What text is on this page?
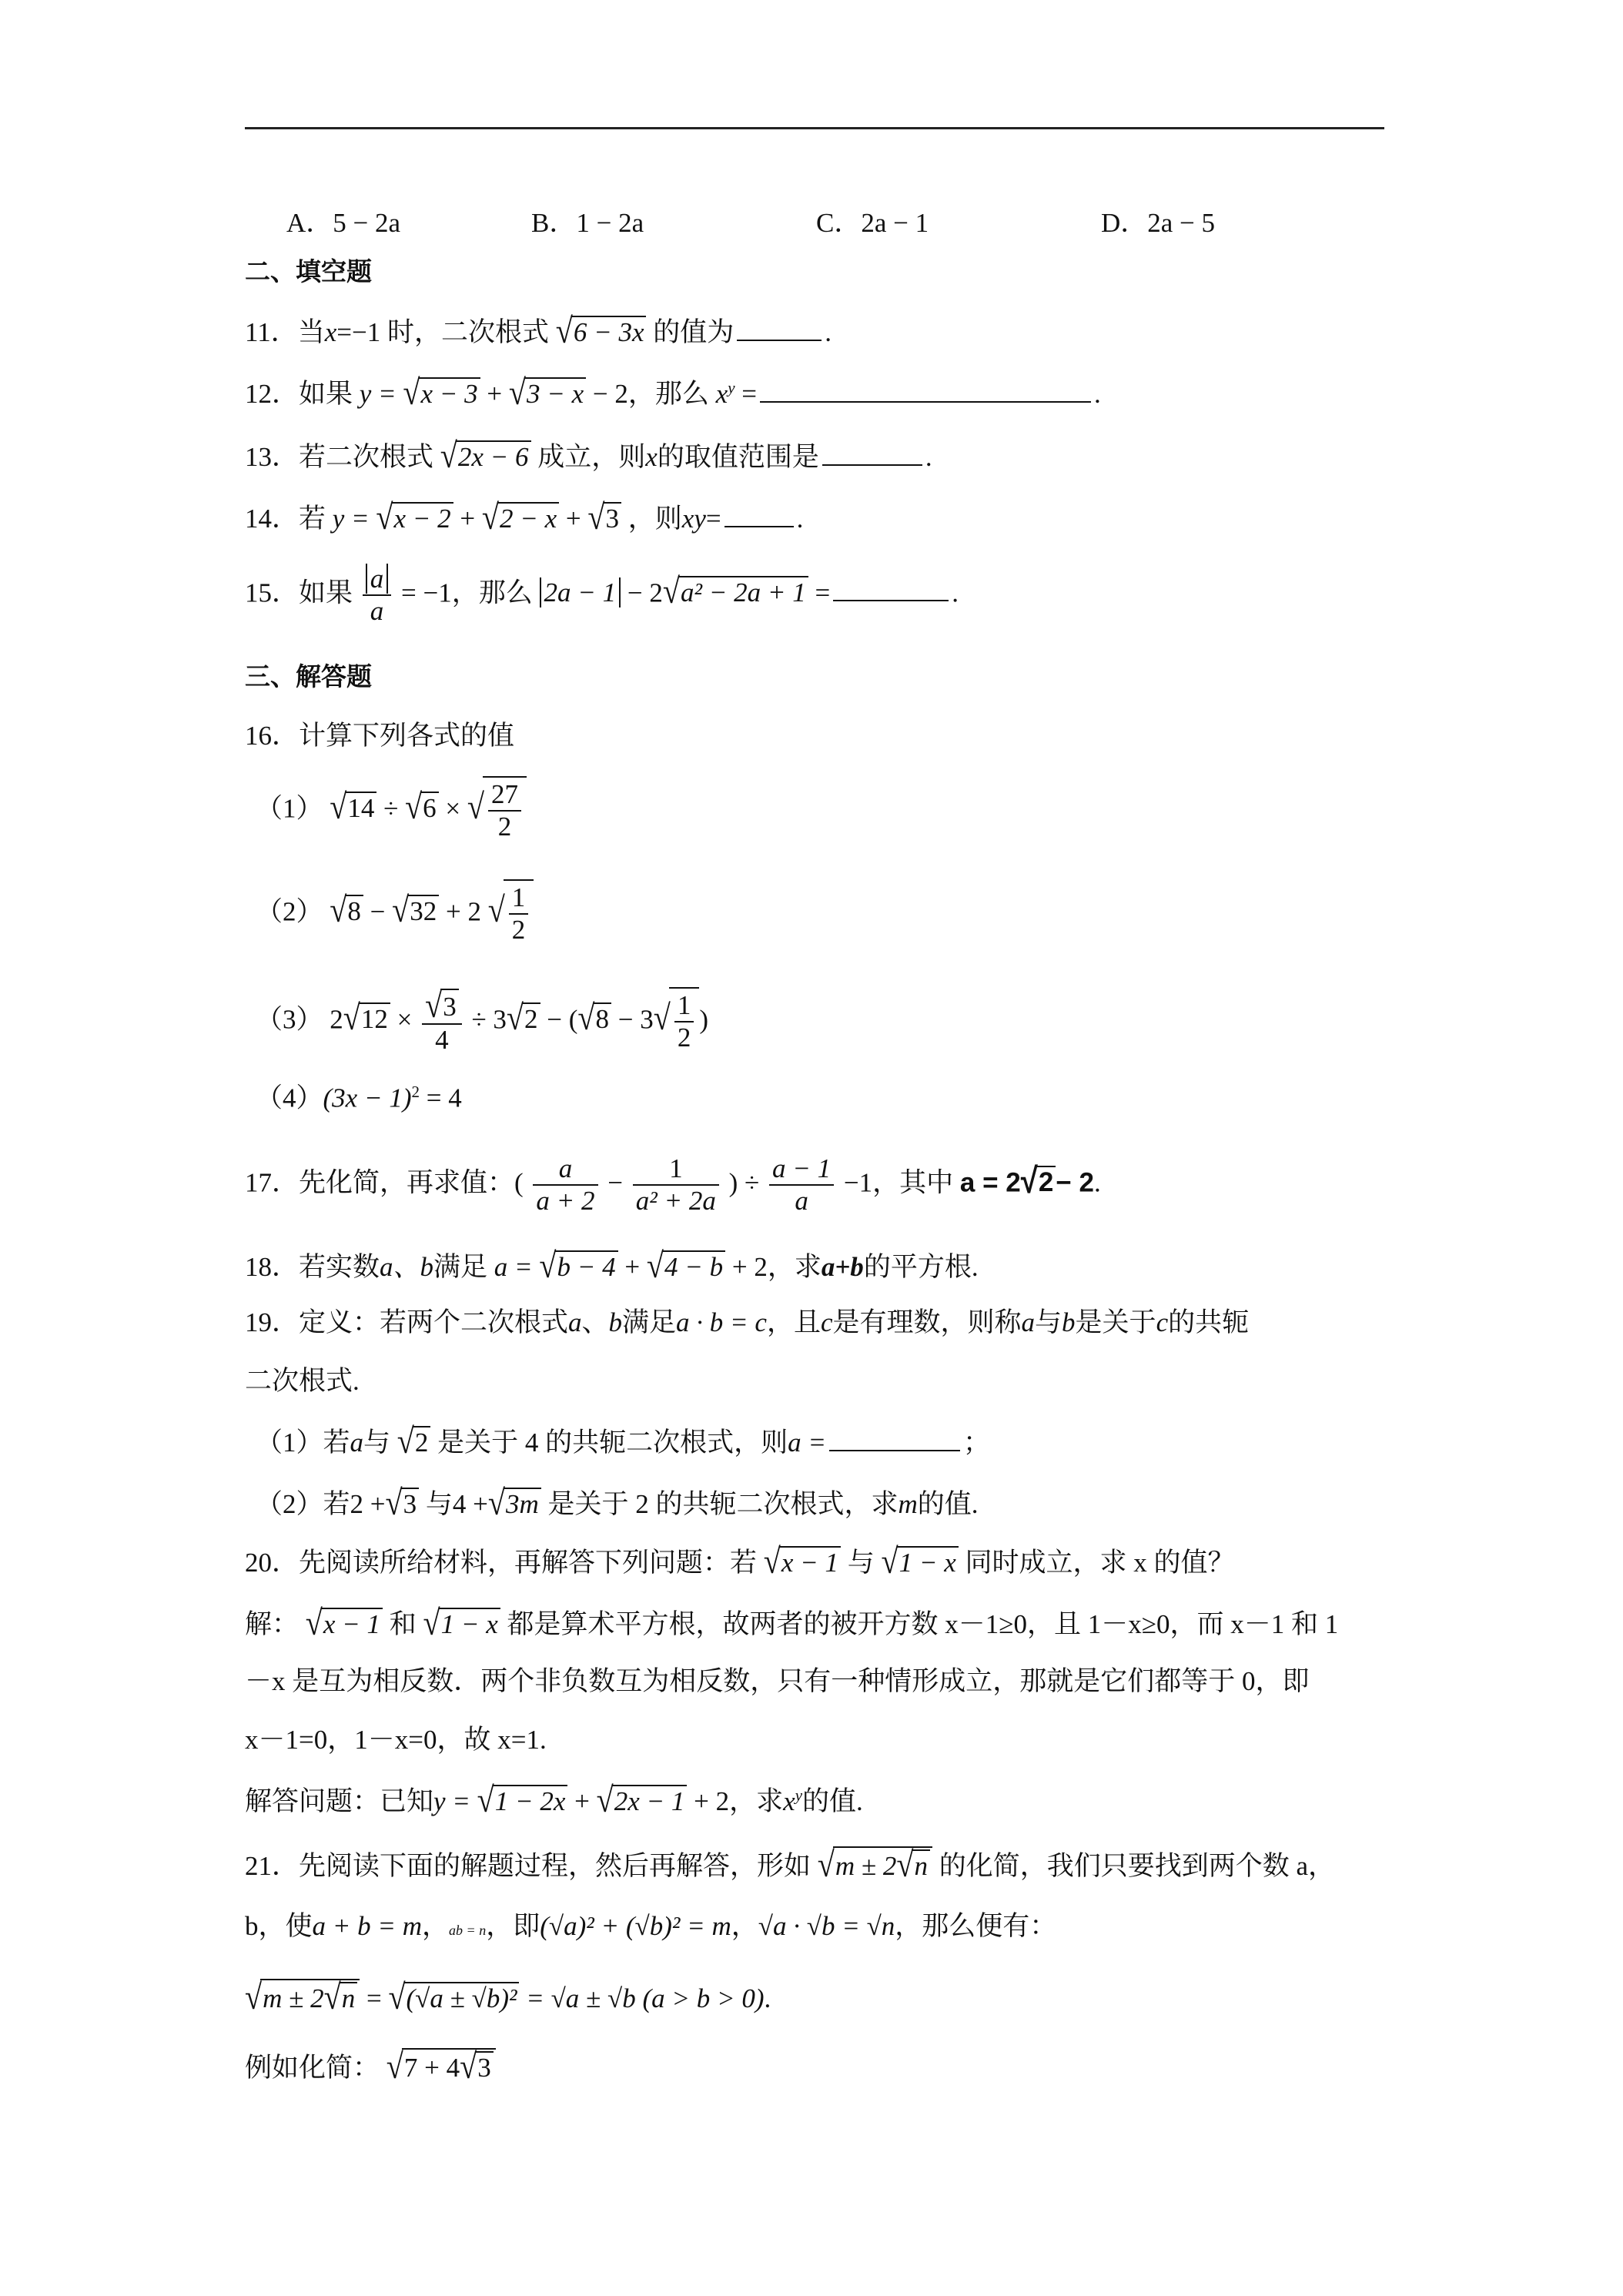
A．5 − 2a	B．1 − 2a	C．2a − 1	D．2a − 5
二、填空题
11．当x=−1 时，二次根式 √6 − 3x 的值为	.
12．如果 y = √x − 3 + √3 − x − 2，那么 $x^y$ =	.
13．若二次根式 √2x − 6 成立，则x的取值范围是	.
14．若 y = √x − 2 + √2 − x + √3 ，则xy=	.
15．如果 $\frac{a}{a} = -1$，那么 2a − 1 − 2√a² − 2a + 1 =	.
三、解答题
16．计算下列各式的值
（1） √14 ÷ √6 × √ $\frac{27}{2}$
（2） √8 − √32 + 2 √ $\frac{1}{2}$
（3） $2√12 \times \frac{√3}{4} \div 3√2 - (√8 - 3√ \frac{1}{2}$ )
$(4)(3x - 1)^2 = 4$
17．先化简，再求值：( $\frac{a}{a + 2} - \frac{1}{\text{a² + 2a}}$ ) ÷ $\frac{a - 1}{a} -1$，其中 a = 2√2− 2.
18．若实数a、b满足 a = √b − 4 + √4 − b + 2，求a+b的平方根.
19．定义：若两个二次根式a、b满足a · b = c，且c是有理数，则称a与b是关于c的共轭
二次根式.
（1）若a与 √2 是关于 4 的共轭二次根式，则a =	；
（2）若2 +√3 与4 +√3m 是关于 2 的共轭二次根式，求m的值.
20．先阅读所给材料，再解答下列问题：若 √x − 1 与 √1 − x 同时成立，求 x 的值？
解： √x − 1 和 √1 − x 都是算术平方根，故两者的被开方数 x－1≥0，且 1－x≥0，而 x－1 和 1
－x 是互为相反数．两个非负数互为相反数，只有一种情形成立，那就是它们都等于 0，即
x－1=0，1－x=0，故 x=1.
解答问题：已知y = √1 − 2x + √2x − 1 + 2，求$x^y$的值.
21．先阅读下面的解题过程，然后再解答，形如 √m ± 2√n 的化简，我们只要找到两个数 a，
b，使a + b = m，ab = n，即(√a)² + (√b)² = m，√a · √b = √n，那么便有：
√m ± 2√n = √(√a ± √b)² = √a ± √b (a > b > 0).
例如化简： √7 + 4√3
